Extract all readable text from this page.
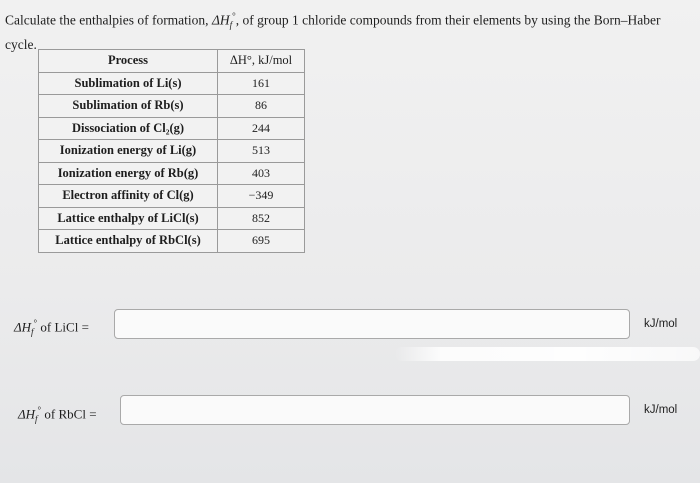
Calculate the enthalpies of formation, $\Delta H_f^\circ$, of group 1 chloride compounds from their elements by using the Born–Haber cycle.
Process	ΔH°, kJ/mol
Sublimation of Li(s)	161
Sublimation of Rb(s)	86
Dissociation of Cl₂(g)	244
Ionization energy of Li(g)	513
Ionization energy of Rb(g)	403
Electron affinity of Cl(g)	−349
Lattice enthalpy of LiCl(s)	852
Lattice enthalpy of RbCl(s)	695
$\Delta H_f^\circ$ of LiCl =	kJ/mol
$\Delta H_f^\circ$ of RbCl =	kJ/mol
